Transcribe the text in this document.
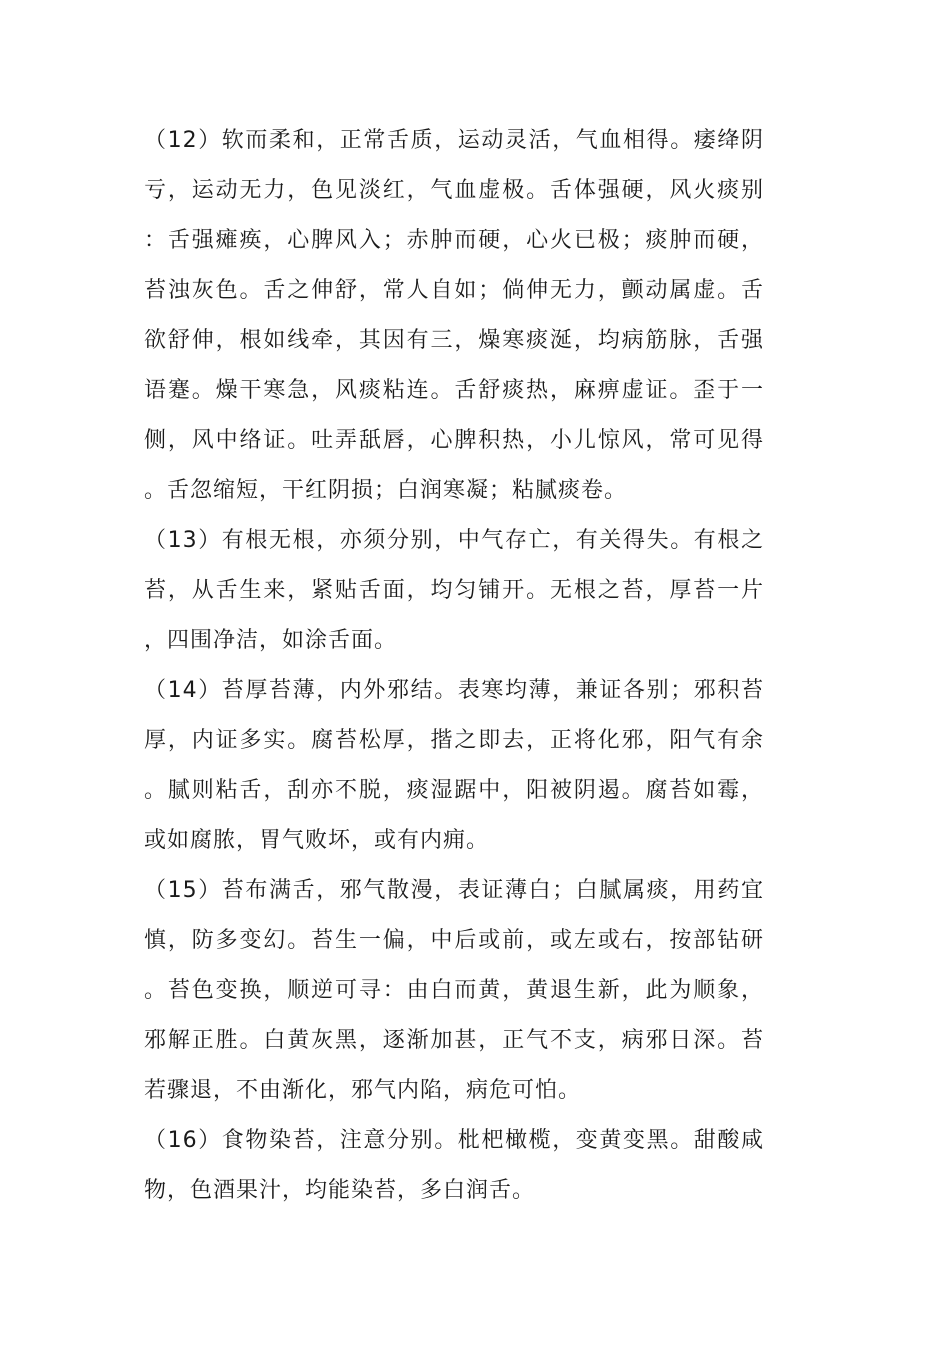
（12）软而柔和，正常舌质，运动灵活，气血相得。痿绛阴亏，运动无力，色见淡红，气血虚极。舌体强硬，风火痰别：舌强瘫痪，心脾风入；赤肿而硬，心火已极；痰肿而硬，苔浊灰色。舌之伸舒，常人自如；倘伸无力，颤动属虚。舌欲舒伸，根如线牵，其因有三，燥寒痰涎，均病筋脉，舌强语蹇。燥干寒急，风痰粘连。舌舒痰热，麻痹虚证。歪于一侧，风中络证。吐弄舐唇，心脾积热，小儿惊风，常可见得。舌忽缩短，干红阴损；白润寒凝；粘腻痰卷。

（13）有根无根，亦须分别，中气存亡，有关得失。有根之苔，从舌生来，紧贴舌面，均匀铺开。无根之苔，厚苔一片，四围净洁，如涂舌面。

（14）苔厚苔薄，内外邪结。表寒均薄，兼证各别；邪积苔厚，内证多实。腐苔松厚，揩之即去，正将化邪，阳气有余。腻则粘舌，刮亦不脱，痰湿踞中，阳被阴遏。腐苔如霉，或如腐脓，胃气败坏，或有内痈。

（15）苔布满舌，邪气散漫，表证薄白；白腻属痰，用药宜慎，防多变幻。苔生一偏，中后或前，或左或右，按部钻研。苔色变换，顺逆可寻：由白而黄，黄退生新，此为顺象，邪解正胜。白黄灰黑，逐渐加甚，正气不支，病邪日深。苔若骤退，不由渐化，邪气内陷，病危可怕。

（16）食物染苔，注意分别。枇杷橄榄，变黄变黑。甜酸咸物，色酒果汁，均能染苔，多白润舌。
